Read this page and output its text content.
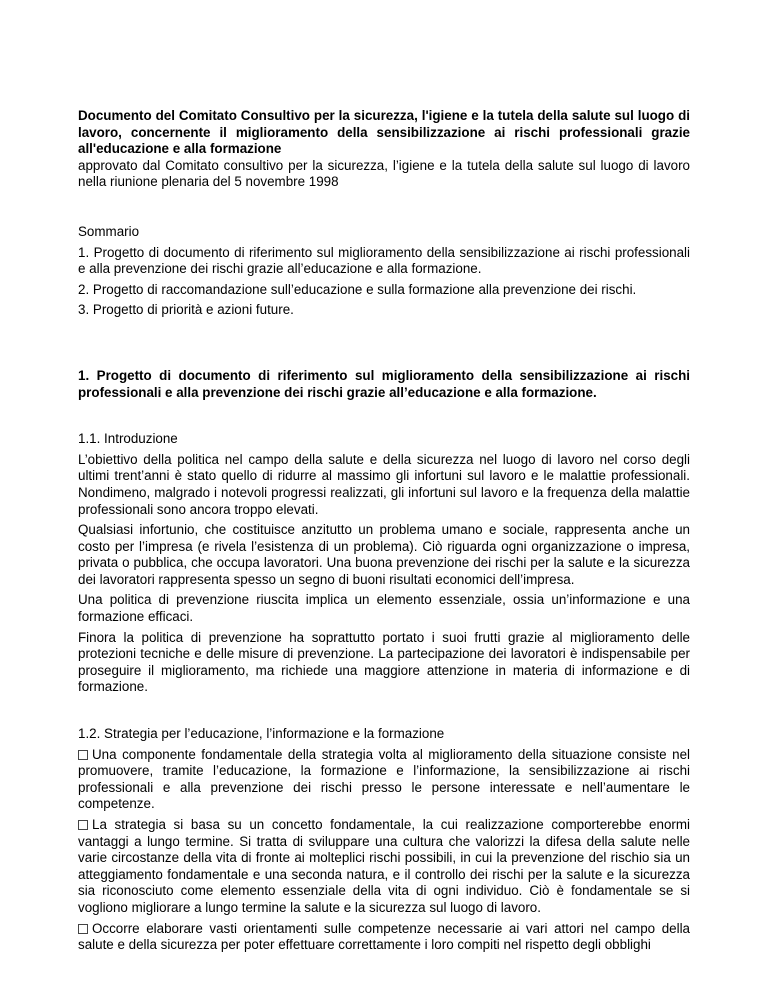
Documento del Comitato Consultivo per la sicurezza, l'igiene e la tutela della salute sul luogo di lavoro, concernente il miglioramento della sensibilizzazione ai rischi professionali grazie all'educazione e alla formazione

approvato dal Comitato consultivo per la sicurezza, l’igiene e la tutela della salute sul luogo di lavoro nella riunione plenaria del 5 novembre 1998

Sommario

1. Progetto di documento di riferimento sul miglioramento della sensibilizzazione ai rischi professionali e alla prevenzione dei rischi grazie all’educazione e alla formazione.

2. Progetto di raccomandazione sull’educazione e sulla formazione alla prevenzione dei rischi.

3. Progetto di priorità e azioni future.

1. Progetto di documento di riferimento sul miglioramento della sensibilizzazione ai rischi professionali e alla prevenzione dei rischi grazie all’educazione e alla formazione.

1.1. Introduzione

L’obiettivo della politica nel campo della salute e della sicurezza nel luogo di lavoro nel corso degli ultimi trent’anni è stato quello di ridurre al massimo gli infortuni sul lavoro e le malattie professionali. Nondimeno, malgrado i notevoli progressi realizzati, gli infortuni sul lavoro e la frequenza della malattie professionali sono ancora troppo elevati.

Qualsiasi infortunio, che costituisce anzitutto un problema umano e sociale, rappresenta anche un costo per l’impresa (e rivela l’esistenza di un problema). Ciò riguarda ogni organizzazione o impresa, privata o pubblica, che occupa lavoratori. Una buona prevenzione dei rischi per la salute e la sicurezza dei lavoratori rappresenta spesso un segno di buoni risultati economici dell’impresa.

Una politica di prevenzione riuscita implica un elemento essenziale, ossia un’informazione e una formazione efficaci.

Finora la politica di prevenzione ha soprattutto portato i suoi frutti grazie al miglioramento delle protezioni tecniche e delle misure di prevenzione. La partecipazione dei lavoratori è indispensabile per proseguire il miglioramento, ma richiede una maggiore attenzione in materia di informazione e di formazione.

1.2. Strategia per l’educazione, l’informazione e la formazione

Una componente fondamentale della strategia volta al miglioramento della situazione consiste nel promuovere, tramite l’educazione, la formazione e l’informazione, la sensibilizzazione ai rischi professionali e alla prevenzione dei rischi presso le persone interessate e nell’aumentare le competenze.

La strategia si basa su un concetto fondamentale, la cui realizzazione comporterebbe enormi vantaggi a lungo termine. Si tratta di sviluppare una cultura che valorizzi la difesa della salute nelle varie circostanze della vita di fronte ai molteplici rischi possibili, in cui la prevenzione del rischio sia un atteggiamento fondamentale e una seconda natura, e il controllo dei rischi per la salute e la sicurezza sia riconosciuto come elemento essenziale della vita di ogni individuo. Ciò è fondamentale se si vogliono migliorare a lungo termine la salute e la sicurezza sul luogo di lavoro.

Occorre elaborare vasti orientamenti sulle competenze necessarie ai vari attori nel campo della salute e della sicurezza per poter effettuare correttamente i loro compiti nel rispetto degli obblighi
